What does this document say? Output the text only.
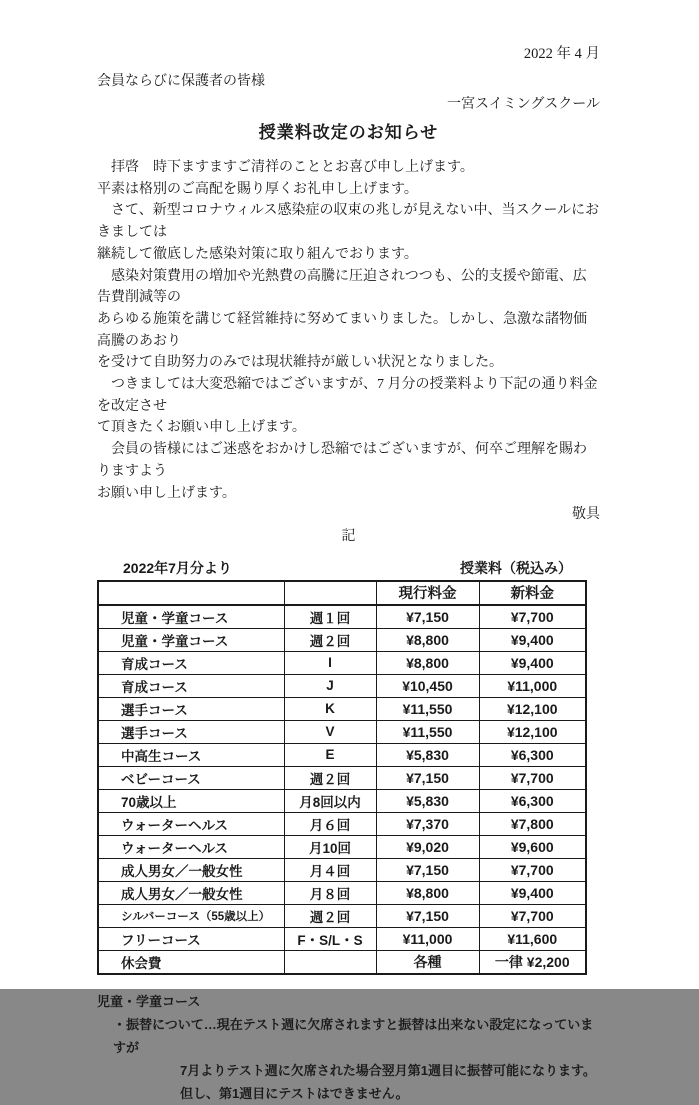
2022 年 4 月
会員ならびに保護者の皆様
一宮スイミングスクール
授業料改定のお知らせ
　拝啓　時下ますますご清祥のこととお喜び申し上げます。
平素は格別のご高配を賜り厚くお礼申し上げます。
　さて、新型コロナウィルス感染症の収束の兆しが見えない中、当スクールにおきましては
継続して徹底した感染対策に取り組んでおります。
　感染対策費用の増加や光熱費の高騰に圧迫されつつも、公的支援や節電、広告費削減等の
あらゆる施策を講じて経営維持に努めてまいりました。しかし、急激な諸物価高騰のあおり
を受けて自助努力のみでは現状維持が厳しい状況となりました。
　つきましては大変恐縮ではございますが、7 月分の授業料より下記の通り料金を改定させ
て頂きたくお願い申し上げます。
　会員の皆様にはご迷惑をおかけし恐縮ではございますが、何卒ご理解を賜わりますよう
お願い申し上げます。
敬具
記
2022年7月分より	授業料（税込み）
		現行料金	新料金
児童・学童コース	週１回	¥7,150	¥7,700
児童・学童コース	週２回	¥8,800	¥9,400
育成コース	I	¥8,800	¥9,400
育成コース	J	¥10,450	¥11,000
選手コース	K	¥11,550	¥12,100
選手コース	V	¥11,550	¥12,100
中高生コース	E	¥5,830	¥6,300
ベビーコース	週２回	¥7,150	¥7,700
70歳以上	月8回以内	¥5,830	¥6,300
ウォーターヘルス	月６回	¥7,370	¥7,800
ウォーターヘルス	月10回	¥9,020	¥9,600
成人男女／一般女性	月４回	¥7,150	¥7,700
成人男女／一般女性	月８回	¥8,800	¥9,400
シルバーコース（55歳以上）	週２回	¥7,150	¥7,700
フリーコース	F・S/L・S	¥11,000	¥11,600
休会費		各種	一律 ¥2,200
児童・学童コース
・振替について…現在テスト週に欠席されますと振替は出来ない設定になっていますが
7月よりテスト週に欠席された場合翌月第1週目に振替可能になります。
但し、第1週目にテストはできません。
